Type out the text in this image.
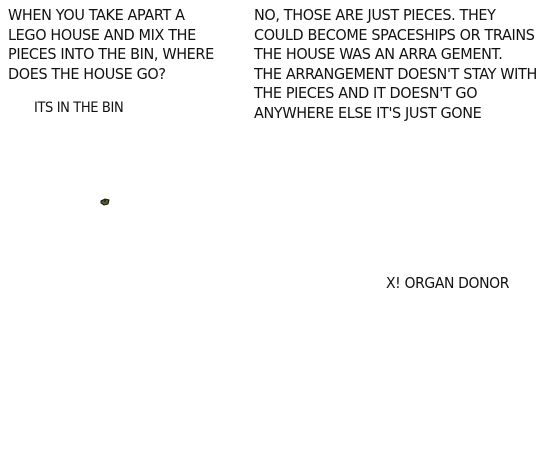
WHEN YOU TAKE APART A
LEGO HOUSE AND MIX THE
PIECES INTO THE BIN, WHERE
DOES THE HOUSE GO?
ITS IN THE BIN
NO, THOSE ARE JUST PIECES. THEY
COULD BECOME SPACESHIPS OR TRAINS
THE HOUSE WAS AN ARRA GEMENT.
THE ARRANGEMENT DOESN'T STAY WITH
THE PIECES AND IT DOESN'T GO
ANYWHERE ELSE IT'S JUST GONE
X! ORGAN DONOR
